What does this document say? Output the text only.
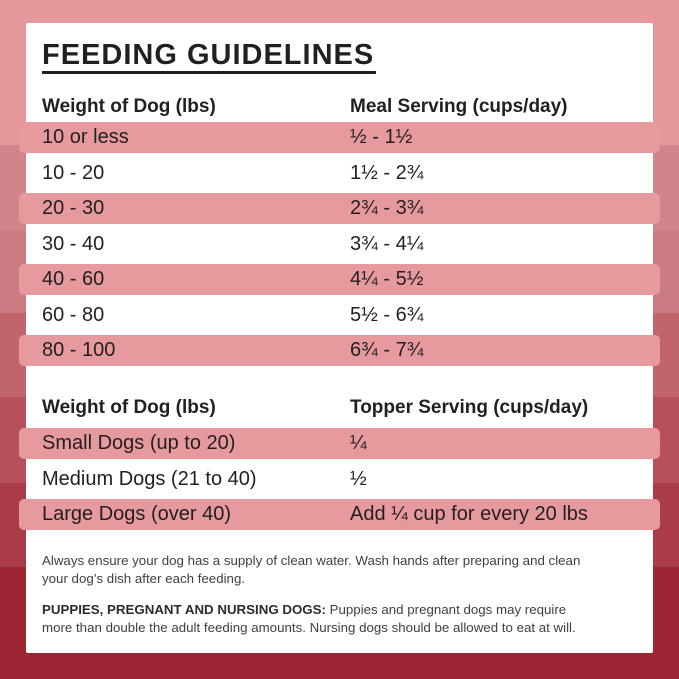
FEEDING GUIDELINES
Weight of Dog (lbs)	Meal Serving (cups/day)
10 or less	½ - 1½
10 - 20	1½ - 2¾
20 - 30	2¾ - 3¾
30 - 40	3¾ - 4¼
40 - 60	4¼ - 5½
60 - 80	5½ - 6¾
80 - 100	6¾ - 7¾
Weight of Dog (lbs)	Topper Serving (cups/day)
Small Dogs (up to 20)	¼
Medium Dogs (21 to 40)	½
Large Dogs (over 40)	Add ¼ cup for every 20 lbs

Always ensure your dog has a supply of clean water. Wash hands after preparing and clean
your dog’s dish after each feeding.

PUPPIES, PREGNANT AND NURSING DOGS: Puppies and pregnant dogs may require
more than double the adult feeding amounts. Nursing dogs should be allowed to eat at will.
